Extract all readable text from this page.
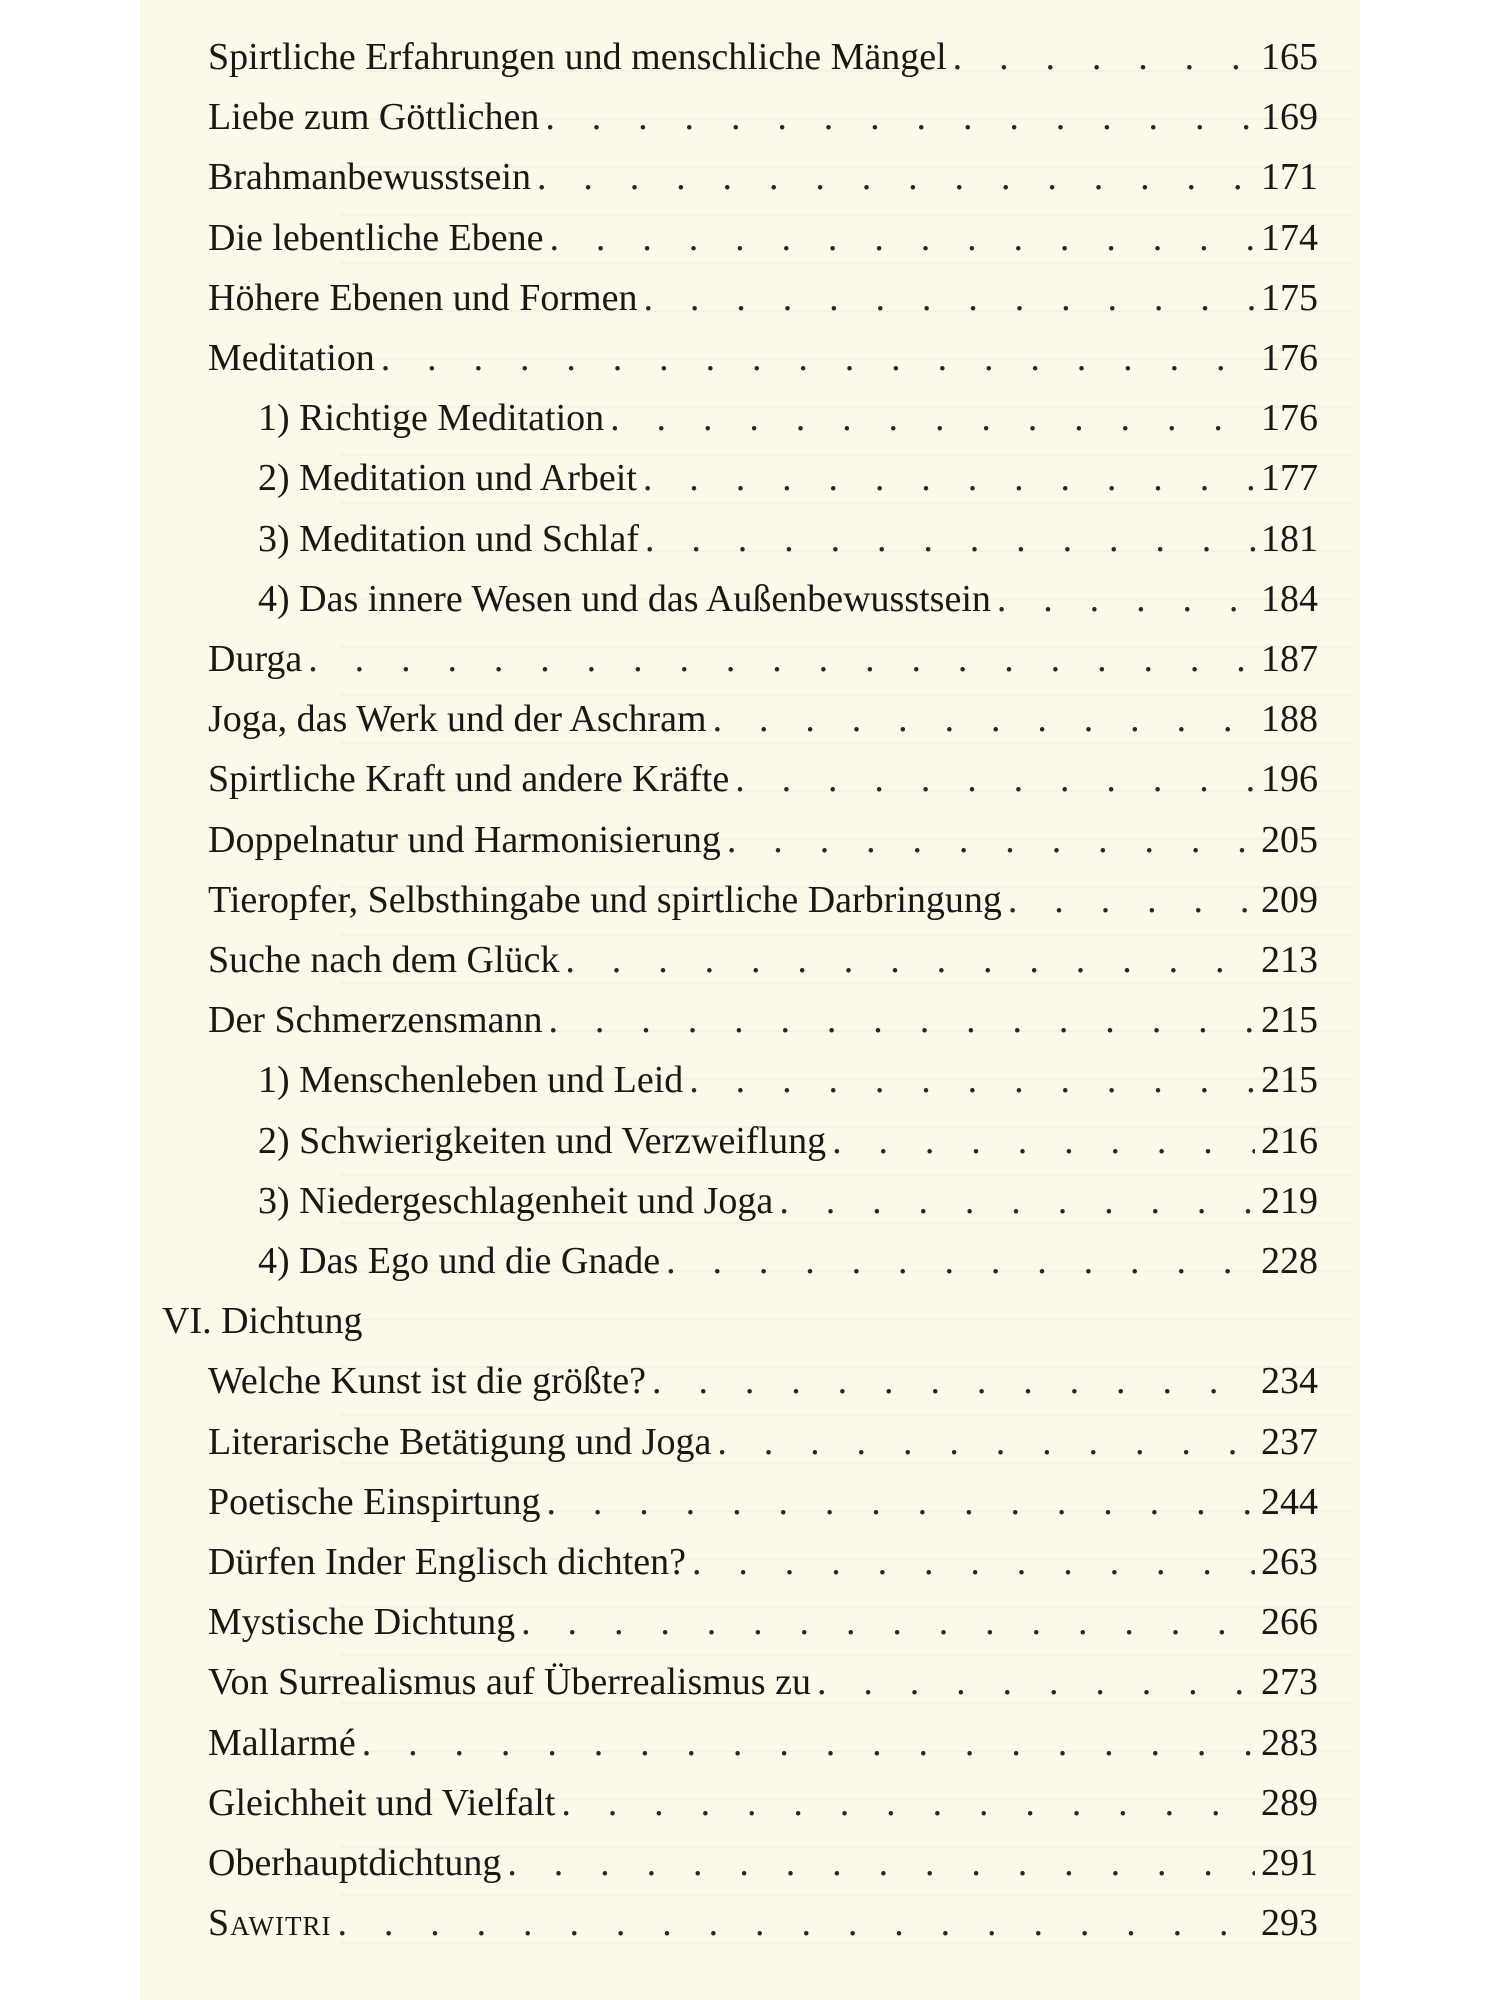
Spirtliche Erfahrungen und menschliche Mängel . . .	165
Liebe zum Göttlichen . . .	169
Brahmanbewusstsein . . .	171
Die lebentliche Ebene . . .	174
Höhere Ebenen und Formen . . .	175
Meditation . . .	176
1) Richtige Meditation . . .	176
2) Meditation und Arbeit . . .	177
3) Meditation und Schlaf . . .	181
4) Das innere Wesen und das Außenbewusstsein . . .	184
Durga . . .	187
Joga, das Werk und der Aschram . . .	188
Spirtliche Kraft und andere Kräfte . . .	196
Doppelnatur und Harmonisierung . . .	205
Tieropfer, Selbsthingabe und spirtliche Darbringung . . .	209
Suche nach dem Glück . . .	213
Der Schmerzensmann . . .	215
1) Menschenleben und Leid . . .	215
2) Schwierigkeiten und Verzweiflung . . .	216
3) Niedergeschlagenheit und Joga . . .	219
4) Das Ego und die Gnade . . .	228
VI. Dichtung
Welche Kunst ist die größte? . . .	234
Literarische Betätigung und Joga . . .	237
Poetische Einspirtung . . .	244
Dürfen Inder Englisch dichten? . . .	263
Mystische Dichtung . . .	266
Von Surrealismus auf Überrealismus zu . . .	273
Mallarmé . . .	283
Gleichheit und Vielfalt . . .	289
Oberhauptdichtung . . .	291
Sawitri . . .	293
